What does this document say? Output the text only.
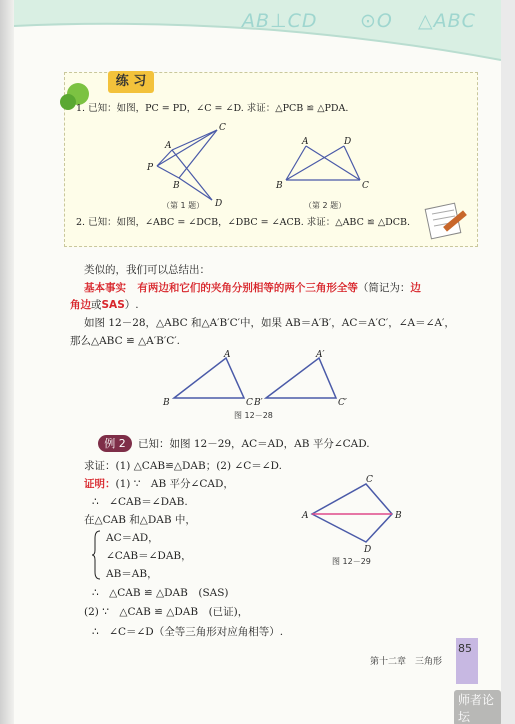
AB⊥CD ⊙O △ABC
练 习
1. 已知：如图，PC = PD，∠C = ∠D. 求证：△PCB ≌ △PDA.
A
C
P
B
D
（第 1 题）
A	D
B	C
（第 2 题）
2. 已知：如图，∠ABC = ∠DCB，∠DBC = ∠ACB. 求证：△ABC ≌ △DCB.
类似的，我们可以总结出：
基本事实 有两边和它们的夹角分别相等的两个三角形全等（简记为：边
角边或SAS）.
如图 12－28，△ABC 和△A′B′C′中，如果 AB＝A′B′，AC＝A′C′，∠A＝∠A′，
那么△ABC ≌ △A′B′C′.
A
B	C
A′
B′	C′
图 12－28
例 2	已知：如图 12－29，AC＝AD，AB 平分∠CAD.
求证：(1) △CAB≌△DAB；(2) ∠C＝∠D.
证明：(1) ∵　AB 平分∠CAD，
∴　∠CAB＝∠DAB.
在△CAB 和△DAB 中，
AC＝AD，
∠CAB＝∠DAB，
AB＝AB，
∴　△CAB ≌ △DAB　(SAS)
(2) ∵　△CAB ≌ △DAB　(已证)，
∴　∠C＝∠D（全等三角形对应角相等）.
C
A	B
D
图 12－29
第十二章　三角形
85
师者论坛
